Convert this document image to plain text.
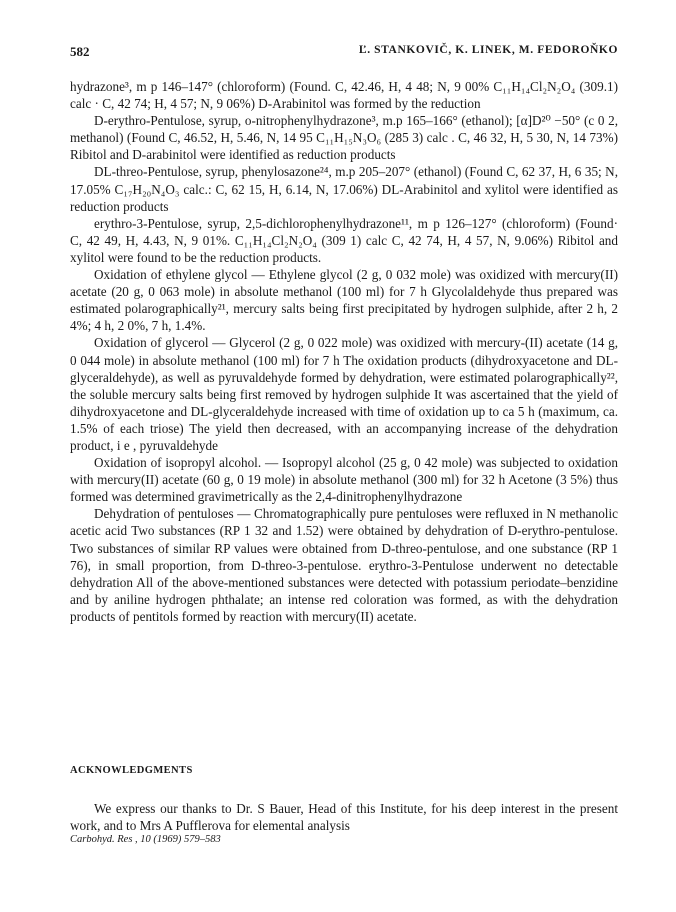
582	Ľ. STANKOVIČ, K. LINEK, M. FEDOROŇKO

hydrazone³, m p 146–147° (chloroform) (Found. C, 42.46, H, 4 48; N, 9 00% C₁₁H₁₄Cl₂N₂O₄ (309.1) calc · C, 42 74; H, 4 57; N, 9 06%) D-Arabinitol was formed by the reduction

D-erythro-Pentulose, syrup, o-nitrophenylhydrazone³, m.p 165–166° (ethanol); [α]D²⁰ −50° (c 0 2, methanol) (Found C, 46.52, H, 5.46, N, 14 95 C₁₁H₁₅N₃O₆ (285 3) calc . C, 46 32, H, 5 30, N, 14 73%) Ribitol and D-arabinitol were identified as reduction products

DL-threo-Pentulose, syrup, phenylosazone²⁴, m.p 205–207° (ethanol) (Found C, 62 37, H, 6 35; N, 17.05% C₁₇H₂₀N₄O₃ calc.: C, 62 15, H, 6.14, N, 17.06%) DL-Arabinitol and xylitol were identified as reduction products

erythro-3-Pentulose, syrup, 2,5-dichlorophenylhydrazone¹¹, m p 126–127° (chloroform) (Found· C, 42 49, H, 4.43, N, 9 01%. C₁₁H₁₄Cl₂N₂O₄ (309 1) calc C, 42 74, H, 4 57, N, 9.06%) Ribitol and xylitol were found to be the reduction products.

Oxidation of ethylene glycol — Ethylene glycol (2 g, 0 032 mole) was oxidized with mercury(II) acetate (20 g, 0 063 mole) in absolute methanol (100 ml) for 7 h Glycolaldehyde thus prepared was estimated polarographically²¹, mercury salts being first precipitated by hydrogen sulphide, after 2 h, 2 4%; 4 h, 2 0%, 7 h, 1.4%.

Oxidation of glycerol — Glycerol (2 g, 0 022 mole) was oxidized with mercury-(II) acetate (14 g, 0 044 mole) in absolute methanol (100 ml) for 7 h The oxidation products (dihydroxyacetone and DL-glyceraldehyde), as well as pyruvaldehyde formed by dehydration, were estimated polarographically²², the soluble mercury salts being first removed by hydrogen sulphide It was ascertained that the yield of dihydroxyacetone and DL-glyceraldehyde increased with time of oxidation up to ca 5 h (maximum, ca. 1.5% of each triose) The yield then decreased, with an accompanying increase of the dehydration product, i e , pyruvaldehyde

Oxidation of isopropyl alcohol. — Isopropyl alcohol (25 g, 0 42 mole) was subjected to oxidation with mercury(II) acetate (60 g, 0 19 mole) in absolute methanol (300 ml) for 32 h Acetone (3 5%) thus formed was determined gravimetrically as the 2,4-dinitrophenylhydrazone

Dehydration of pentuloses — Chromatographically pure pentuloses were refluxed in N methanolic acetic acid Two substances (RP 1 32 and 1.52) were obtained by dehydration of D-erythro-pentulose. Two substances of similar RP values were obtained from D-threo-pentulose, and one substance (RP 1 76), in small proportion, from D-threo-3-pentulose. erythro-3-Pentulose underwent no detectable dehydration All of the above-mentioned substances were detected with potassium periodate–benzidine and by aniline hydrogen phthalate; an intense red coloration was formed, as with the dehydration products of pentitols formed by reaction with mercury(II) acetate.

ACKNOWLEDGMENTS

We express our thanks to Dr. S Bauer, Head of this Institute, for his deep interest in the present work, and to Mrs A Pufflerova for elemental analysis

Carbohyd. Res , 10 (1969) 579–583
